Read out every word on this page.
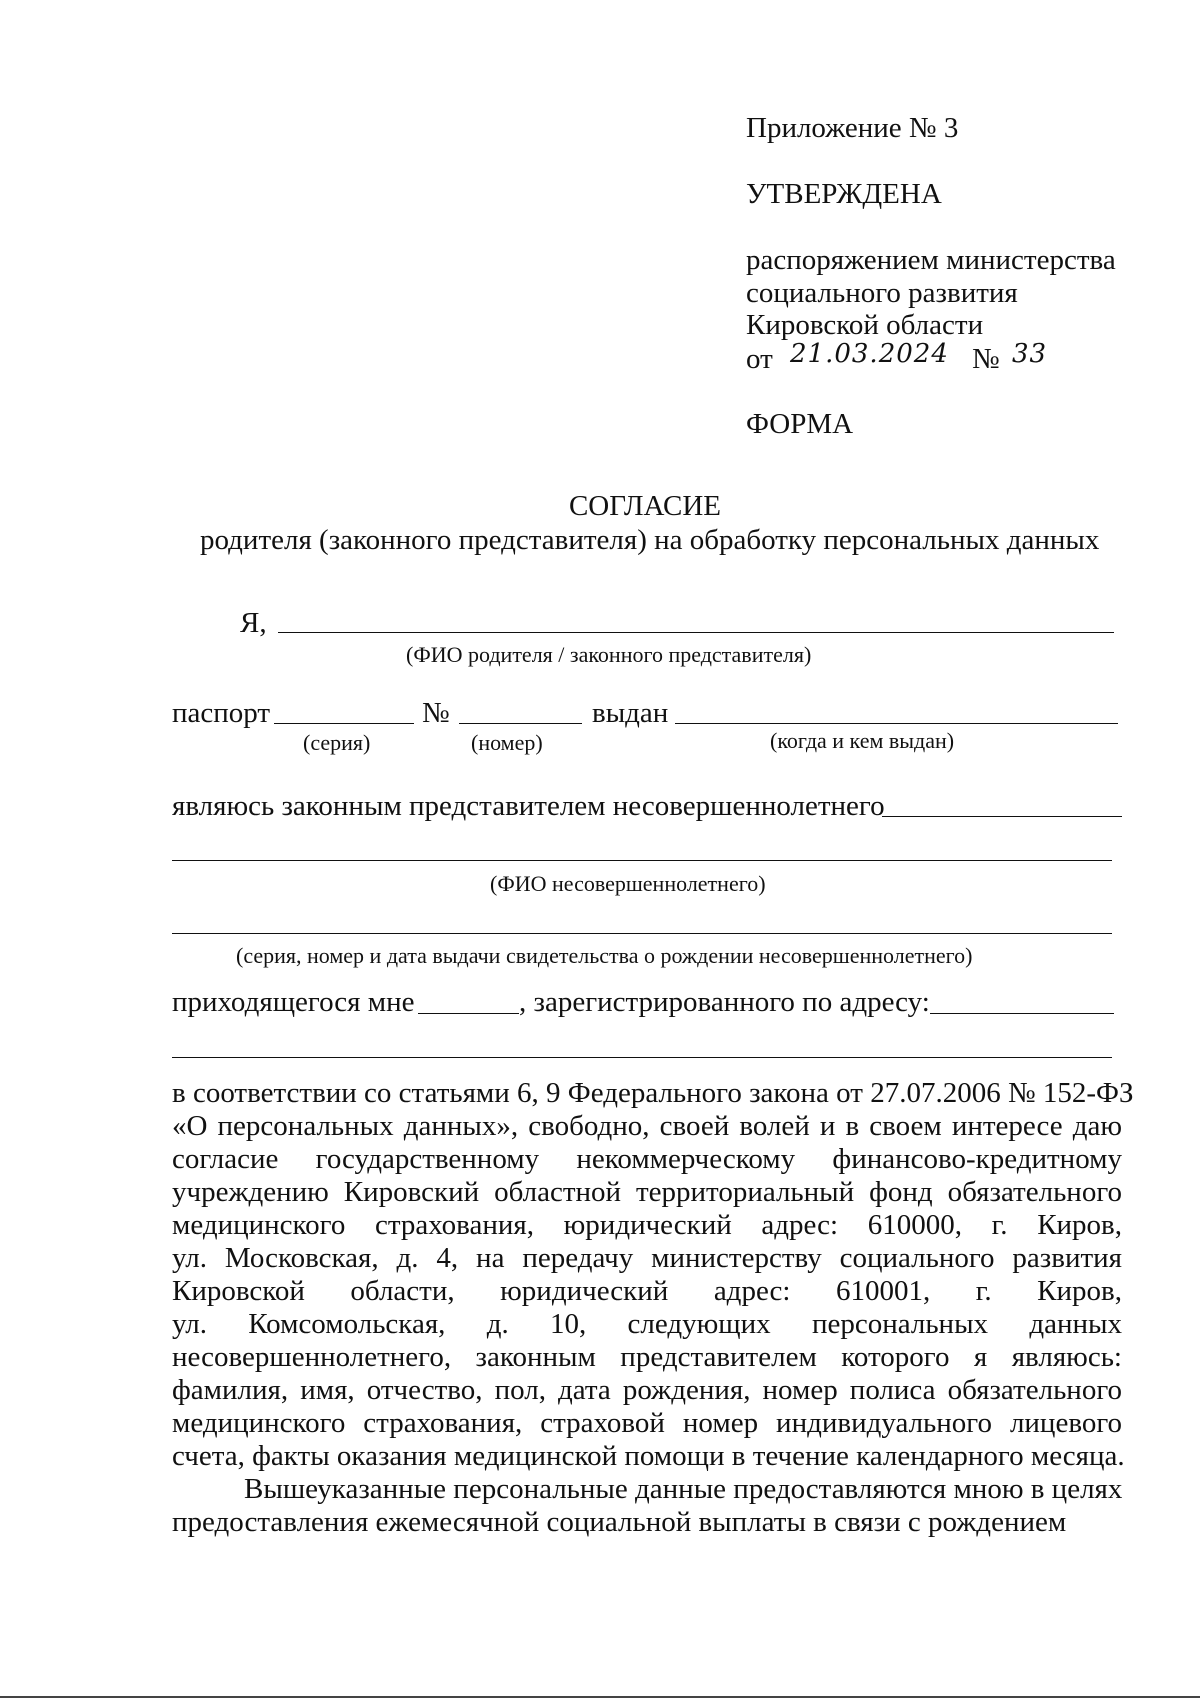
Приложение № 3
УТВЕРЖДЕНА
распоряжением министерства
социального развития
Кировской области
от 21.03.2024 № 33
ФОРМА
СОГЛАСИЕ
родителя (законного представителя) на обработку персональных данных
Я,
(ФИО родителя / законного представителя)
паспорт	№	выдан
(серия)	(номер)	(когда и кем выдан)
являюсь законным представителем несовершеннолетнего
(ФИО несовершеннолетнего)
(серия, номер и дата выдачи свидетельства о рождении несовершеннолетнего)
приходящегося мне	, зарегистрированного по адресу:
в соответствии со статьями 6, 9 Федерального закона от 27.07.2006 № 152-ФЗ
«О персональных данных», свободно, своей волей и в своем интересе даю
согласие государственному некоммерческому финансово-кредитному
учреждению Кировский областной территориальный фонд обязательного
медицинского страхования, юридический адрес: 610000, г. Киров,
ул. Московская, д. 4, на передачу министерству социального развития
Кировской области, юридический адрес: 610001, г. Киров,
ул. Комсомольская, д. 10, следующих персональных данных
несовершеннолетнего, законным представителем которого я являюсь:
фамилия, имя, отчество, пол, дата рождения, номер полиса обязательного
медицинского страхования, страховой номер индивидуального лицевого
счета, факты оказания медицинской помощи в течение календарного месяца.
Вышеуказанные персональные данные предоставляются мною в целях
предоставления ежемесячной социальной выплаты в связи с рождением
